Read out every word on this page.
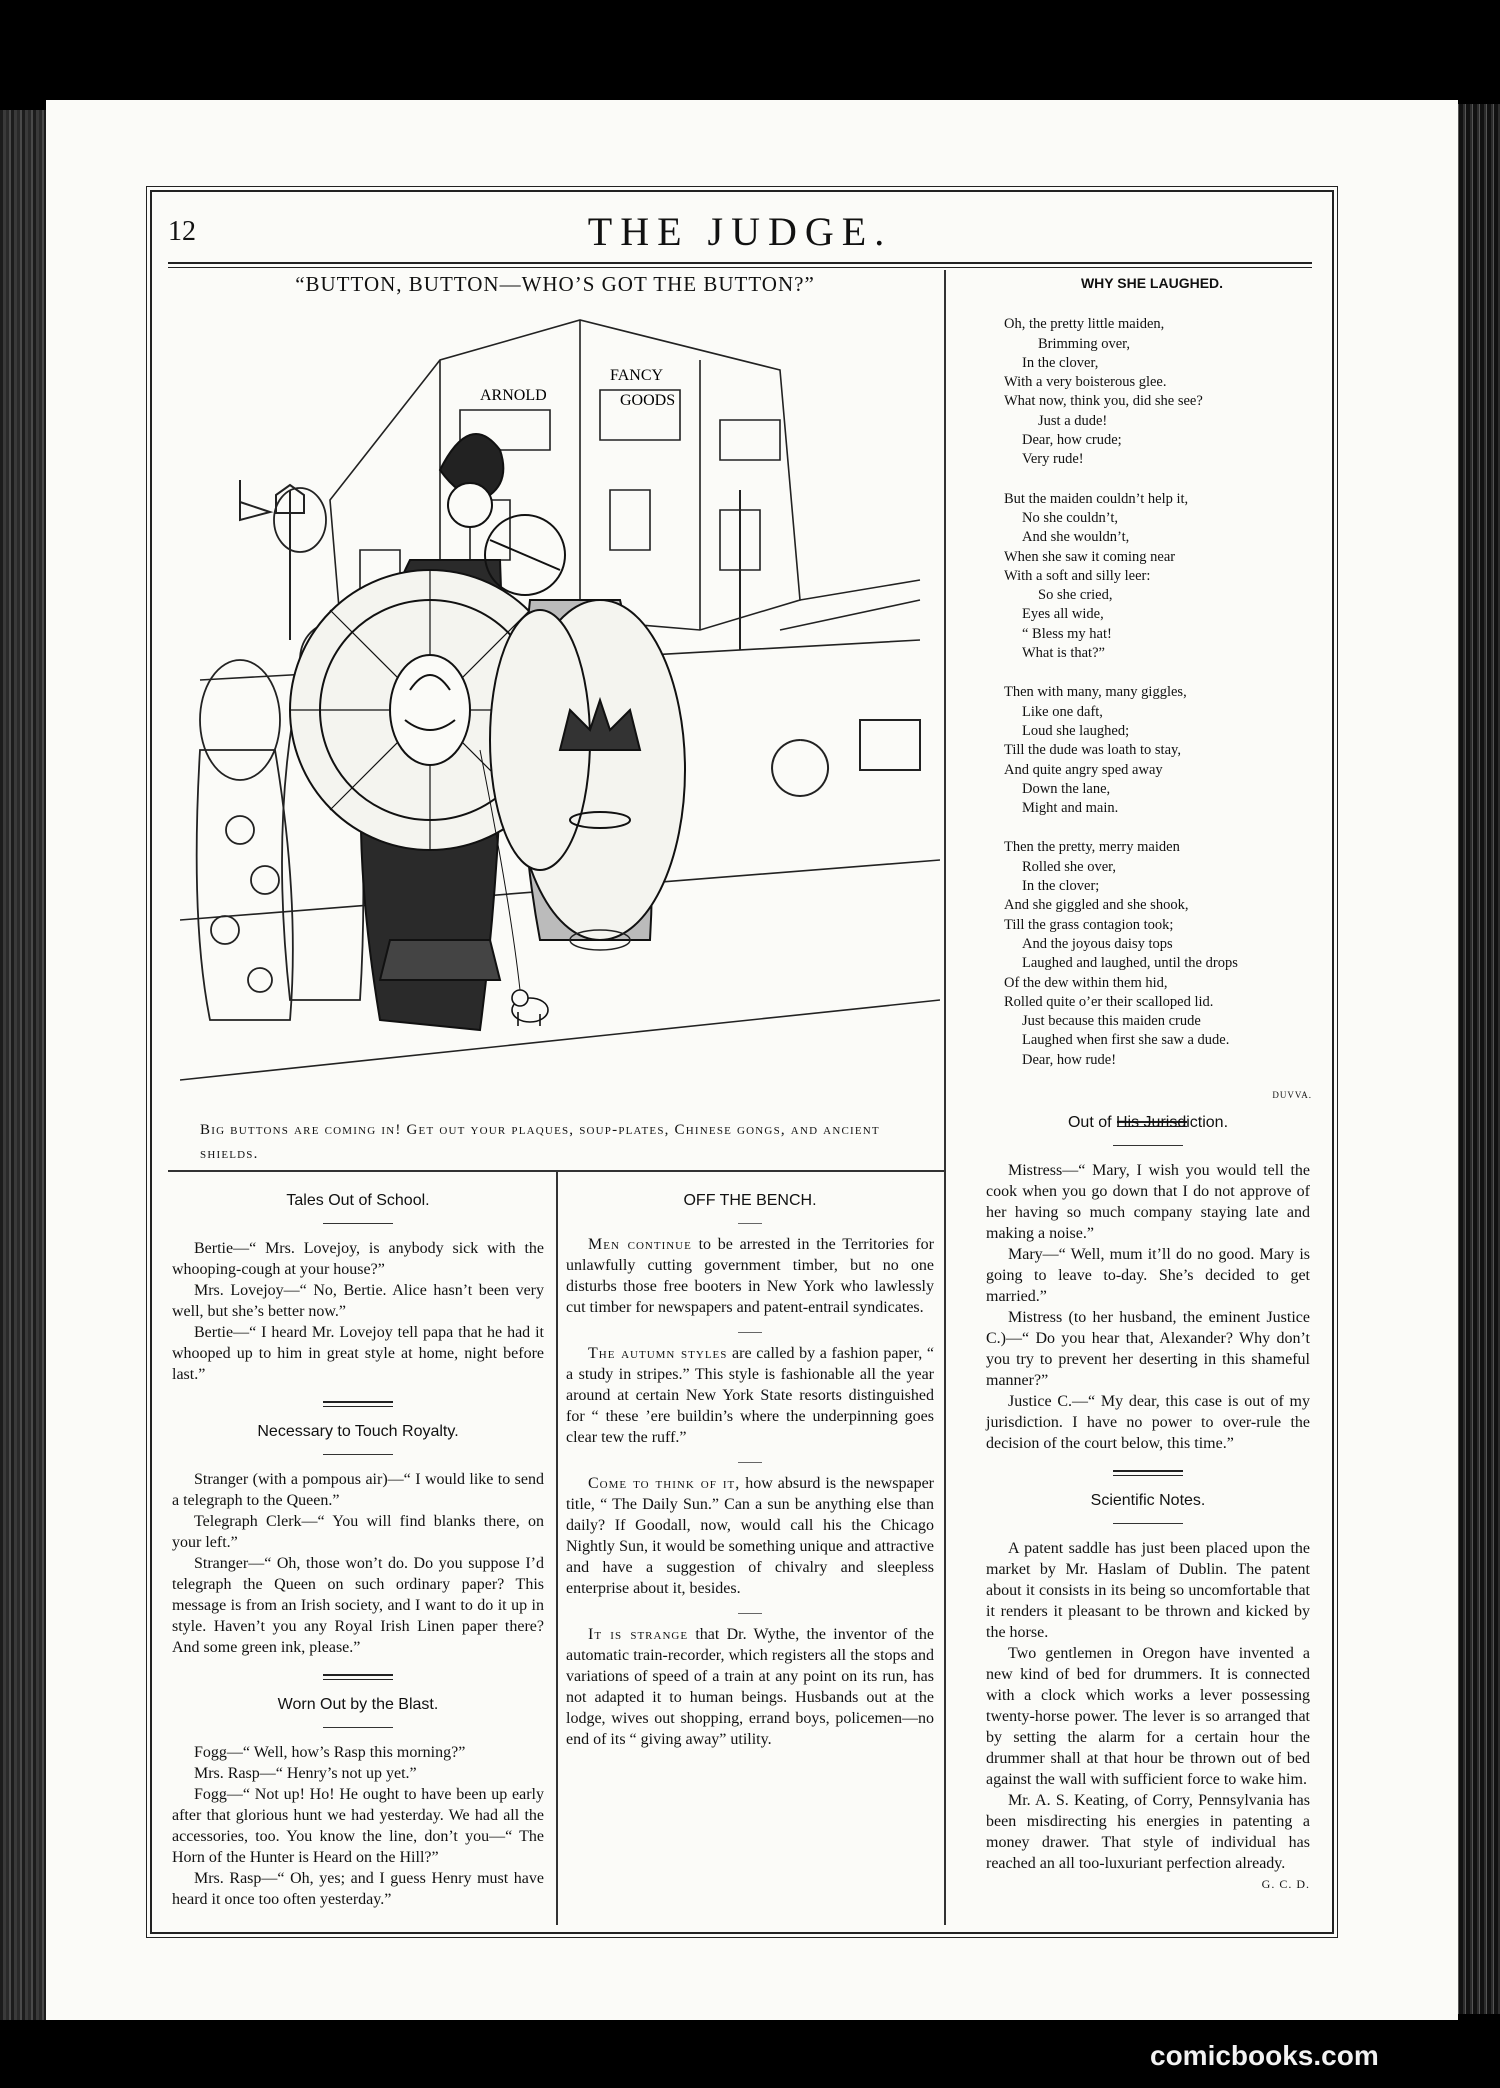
12	THE JUDGE.
“BUTTON, BUTTON—WHO’S GOT THE BUTTON?”
ARNOLD
FANCY
GOODS
Big buttons are coming in! Get out your plaques, soup-plates, Chinese gongs, and ancient shields.
WHY SHE LAUGHED.
Oh, the pretty little maiden,
Brimming over,
In the clover,
With a very boisterous glee.
What now, think you, did she see?
Just a dude!
Dear, how crude;
Very rude!
But the maiden couldn’t help it,
No she couldn’t,
And she wouldn’t,
When she saw it coming near
With a soft and silly leer:
So she cried,
Eyes all wide,
“ Bless my hat!
What is that?”
Then with many, many giggles,
Like one daft,
Loud she laughed;
Till the dude was loath to stay,
And quite angry sped away
Down the lane,
Might and main.
Then the pretty, merry maiden
Rolled she over,
In the clover;
And she giggled and she shook,
Till the grass contagion took;
And the joyous daisy tops
Laughed and laughed, until the drops
Of the dew within them hid,
Rolled quite o’er their scalloped lid.
Just because this maiden crude
Laughed when first she saw a dude.
Dear, how rude!
DUVVA.
Tales Out of School.

Bertie—“ Mrs. Lovejoy, is anybody sick with the whooping-cough at your house?”

Mrs. Lovejoy—“ No, Bertie. Alice hasn’t been very well, but she’s better now.”

Bertie—“ I heard Mr. Lovejoy tell papa that he had it whooped up to him in great style at home, night before last.”

Necessary to Touch Royalty.

Stranger (with a pompous air)—“ I would like to send a telegraph to the Queen.”

Telegraph Clerk—“ You will find blanks there, on your left.”

Stranger—“ Oh, those won’t do. Do you suppose I’d telegraph the Queen on such ordinary paper? This message is from an Irish society, and I want to do it up in style. Haven’t you any Royal Irish Linen paper there? And some green ink, please.”

Worn Out by the Blast.

Fogg—“ Well, how’s Rasp this morning?”

Mrs. Rasp—“ Henry’s not up yet.”

Fogg—“ Not up! Ho! He ought to have been up early after that glorious hunt we had yesterday. We had all the accessories, too. You know the line, don’t you—“ The Horn of the Hunter is Heard on the Hill?”

Mrs. Rasp—“ Oh, yes; and I guess Henry must have heard it once too often yesterday.”

OFF THE BENCH.

Men continue to be arrested in the Territories for unlawfully cutting government timber, but no one disturbs those free booters in New York who lawlessly cut timber for newspapers and patent-entrail syndicates.

The autumn styles are called by a fashion paper, “ a study in stripes.” This style is fashionable all the year around at certain New York State resorts distinguished for “ these ’ere buildin’s where the underpinning goes clear tew the ruff.”

Come to think of it, how absurd is the newspaper title, “ The Daily Sun.” Can a sun be anything else than daily? If Goodall, now, would call his the Chicago Nightly Sun, it would be something unique and attractive and have a suggestion of chivalry and sleepless enterprise about it, besides.

It is strange that Dr. Wythe, the inventor of the automatic train-recorder, which registers all the stops and variations of speed of a train at any point on its run, has not adapted it to human beings. Husbands out at the lodge, wives out shopping, errand boys, policemen—no end of its “ giving away” utility.

Out of His Jurisdiction.

Mistress—“ Mary, I wish you would tell the cook when you go down that I do not approve of her having so much company staying late and making a noise.”

Mary—“ Well, mum it’ll do no good. Mary is going to leave to-day. She’s decided to get married.”

Mistress (to her husband, the eminent Justice C.)—“ Do you hear that, Alexander? Why don’t you try to prevent her deserting in this shameful manner?”

Justice C.—“ My dear, this case is out of my jurisdiction. I have no power to over-rule the decision of the court below, this time.”

Scientific Notes.

A patent saddle has just been placed upon the market by Mr. Haslam of Dublin. The patent about it consists in its being so uncomfortable that it renders it pleasant to be thrown and kicked by the horse.

Two gentlemen in Oregon have invented a new kind of bed for drummers. It is connected with a clock which works a lever possessing twenty-horse power. The lever is so arranged that by setting the alarm for a certain hour the drummer shall at that hour be thrown out of bed against the wall with sufficient force to wake him.

Mr. A. S. Keating, of Corry, Pennsylvania has been misdirecting his energies in patenting a money drawer. That style of individual has reached an all too-luxuriant perfection already.

G. C. D.
comicbooks.com
